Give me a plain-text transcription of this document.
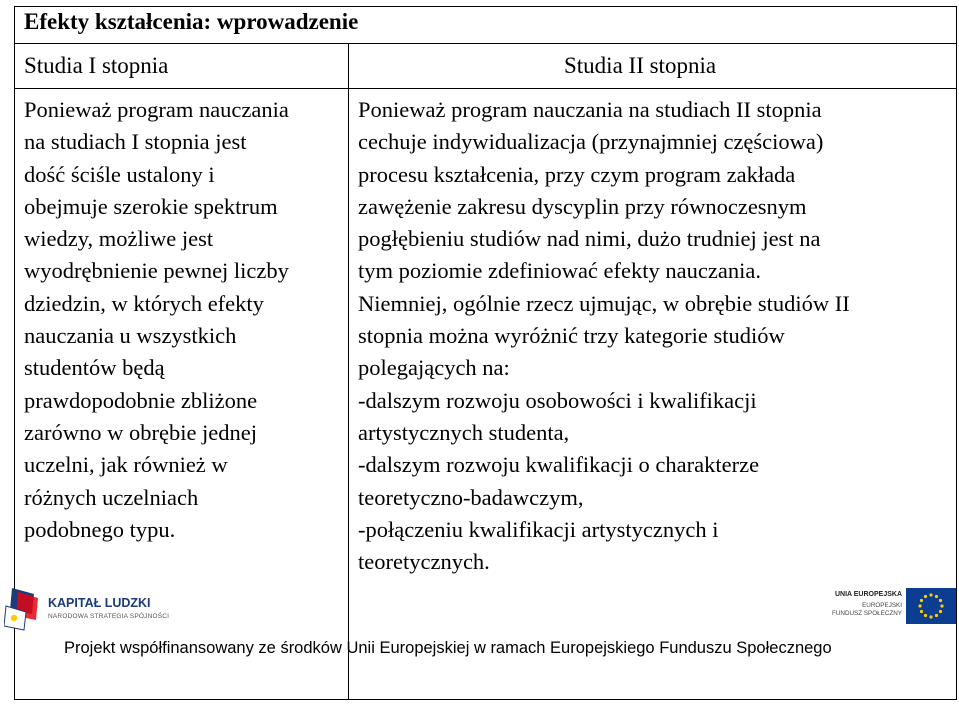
Efekty kształcenia: wprowadzenie
Studia I stopnia	Studia II stopnia
Ponieważ program nauczania
na studiach I stopnia jest
dość ściśle ustalony i
obejmuje szerokie spektrum
wiedzy, możliwe jest
wyodrębnienie pewnej liczby
dziedzin, w których efekty
nauczania u wszystkich
studentów będą
prawdopodobnie zbliżone
zarówno w obrębie jednej
uczelni, jak również w
różnych uczelniach
podobnego typu.
Ponieważ program nauczania na studiach II stopnia
cechuje indywidualizacja (przynajmniej częściowa)
procesu kształcenia, przy czym program zakłada
zawężenie zakresu dyscyplin przy równoczesnym
pogłębieniu studiów nad nimi, dużo trudniej jest na
tym poziomie zdefiniować efekty nauczania.
Niemniej, ogólnie rzecz ujmując, w obrębie studiów II
stopnia można wyróżnić trzy kategorie studiów
polegających na:
-dalszym rozwoju osobowości i kwalifikacji
artystycznych studenta,
-dalszym rozwoju kwalifikacji o charakterze
teoretyczno-badawczym,
-połączeniu kwalifikacji artystycznych i
teoretycznych.
KAPITAŁ LUDZKI
NARODOWA STRATEGIA SPÓJNOŚCI
UNIA EUROPEJSKA
EUROPEJSKI
FUNDUSZ SPOŁECZNY
Projekt współfinansowany ze środków Unii Europejskiej w ramach Europejskiego Funduszu Społecznego
